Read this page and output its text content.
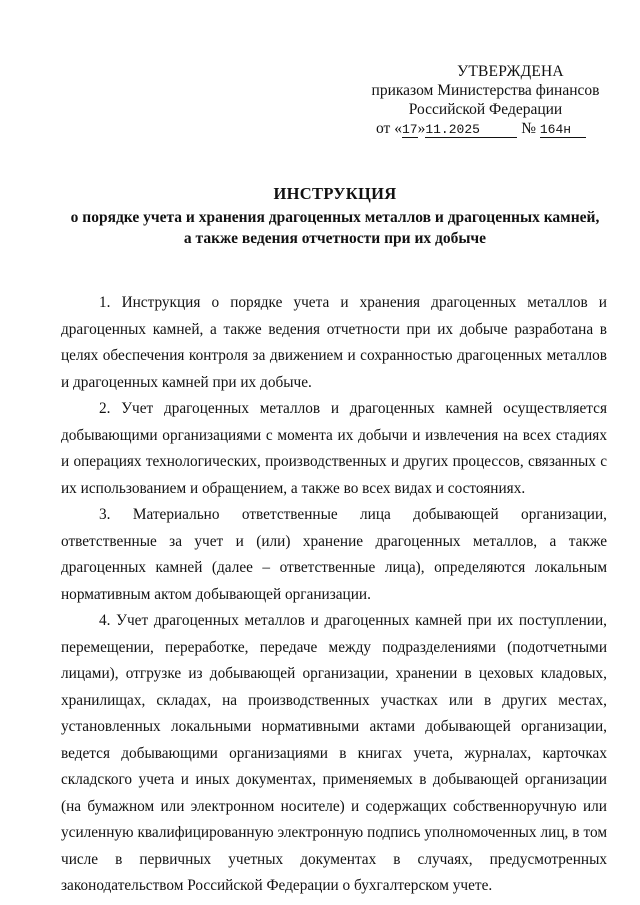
УТВЕРЖДЕНА
приказом Министерства финансов
Российской Федерации
от «17»11.2025	№ 164н
ИНСТРУКЦИЯ
о порядке учета и хранения драгоценных металлов и драгоценных камней,
а также ведения отчетности при их добыче

1. Инструкция о порядке учета и хранения драгоценных металлов и драгоценных камней, а также ведения отчетности при их добыче разработана в целях обеспечения контроля за движением и сохранностью драгоценных металлов и драгоценных камней при их добыче.

2. Учет драгоценных металлов и драгоценных камней осуществляется добывающими организациями с момента их добычи и извлечения на всех стадиях и операциях технологических, производственных и других процессов, связанных с их использованием и обращением, а также во всех видах и состояниях.

3. Материально ответственные лица добывающей организации, ответственные за учет и (или) хранение драгоценных металлов, а также драгоценных камней (далее – ответственные лица), определяются локальным нормативным актом добывающей организации.

4. Учет драгоценных металлов и драгоценных камней при их поступлении, перемещении, переработке, передаче между подразделениями (подотчетными лицами), отгрузке из добывающей организации, хранении в цеховых кладовых, хранилищах, складах, на производственных участках или в других местах, установленных локальными нормативными актами добывающей организации, ведется добывающими организациями в книгах учета, журналах, карточках складского учета и иных документах, применяемых в добывающей организации (на бумажном или электронном носителе) и содержащих собственноручную или усиленную квалифицированную электронную подпись уполномоченных лиц, в том числе в первичных учетных документах в случаях, предусмотренных законодательством Российской Федерации о бухгалтерском учете.
